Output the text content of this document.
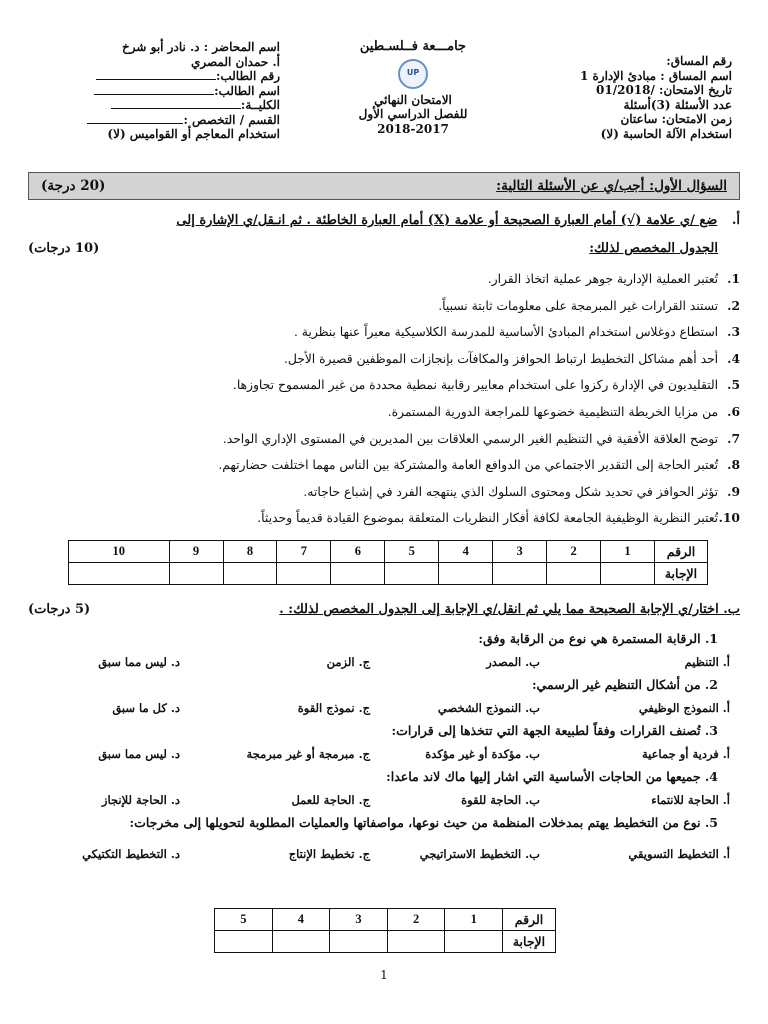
رقم المساق:
اسم المساق : مبادئ الإدارة 1
تاريخ الامتحان: /01/2018
عدد الأسئلة (3)أسئلة
زمن الامتحان: ساعتان
استخدام الآلة الحاسبة (لا)
جامـــعة فــلسـطين
UP
الامتحان النهائي
للفصل الدراسي الأول
2018-2017
اسم المحاضر : د. نادر أبو شرخ
أ. حمدان المصري
رقم الطالب:
اسم الطالب:
الكليــة:
القسم / التخصص :
استخدام المعاجم أو القواميس (لا)
السؤال الأول: أجب/ي عن الأسئلة التالية:
(20 درجة)
أ. ضع /ي علامة (√) أمام العبارة الصحيحة أو علامة (X) أمام العبارة الخاطئة . ثم انـقل/ي الإشارة إلى
الجدول المخصص لذلك:
(10 درجات)
1. تُعتبر العملية الإدارية جوهر عملية اتخاذ القرار.
2. تستند القرارات غير المبرمجة على معلومات ثابتة نسبياً.
3. استطاع دوغلاس استخدام المبادئ الأساسية للمدرسة الكلاسيكية معبراً عنها بنظرية .
4. أحد أهم مشاكل التخطيط ارتباط الحوافز والمكافآت بإنجازات الموظفين قصيرة الأجل.
5. التقليديون في الإدارة ركزوا على استخدام معايير رقابية نمطية محددة من غير المسموح تجاوزها.
6. من مزايا الخريطة التنظيمية خضوعها للمراجعة الدورية المستمرة.
7. توضح العلاقة الأفقية في التنظيم الغير الرسمي العلاقات بين المديرين في المستوى الإداري الواحد.
8. تُعتبر الحاجة إلى التقدير الاجتماعي من الدوافع العامة والمشتركة بين الناس مهما اختلفت حضارتهم.
9. تؤثر الحوافز في تحديد شكل ومحتوى السلوك الذي ينتهجه الفرد في إشباع حاجاته.
10. تُعتبر النظرية الوظيفية الجامعة لكافة أفكار النظريات المتعلقة بموضوع القيادة قديماً وحديثاً.
الرقم	1	2	3	4	5	6	7	8	9	10
الإجابة										
ب. اختار/ي الإجابة الصحيحة مما يلي ثم انقل/ي الإجابة إلى الجدول المخصص لذلك: .
(5 درجات)
1. الرقابة المستمرة هي نوع من الرقابة وفق:
أ.التنظيم
ب.المصدر
ج.الزمن
د.ليس مما سبق
2. من أشكال التنظيم غير الرسمي:
أ.النموذج الوظيفي
ب.النموذج الشخصي
ج.نموذج القوة
د.كل ما سبق
3. تُصنف القرارات وفقاً لطبيعة الجهة التي تتخذها إلى قرارات:
أ.فردية أو جماعية
ب.مؤكدة أو غير مؤكدة
ج.مبرمجة أو غير مبرمجة
د.ليس مما سبق
4. جميعها من الحاجات الأساسية التي اشار إليها ماك لاند ماعدا:
أ.الحاجة للانتماء
ب.الحاجة للقوة
ج.الحاجة للعمل
د.الحاجة للإنجاز
5. نوع من التخطيط يهتم بمدخلات المنظمة من حيث نوعها، مواصفاتها والعمليات المطلوبة لتحويلها إلى مخرجات:
أ.التخطيط التسويقي
ب.التخطيط الاستراتيجي
ج.تخطيط الإنتاج
د.التخطيط التكتيكي
الرقم	1	2	3	4	5
الإجابة					
1
